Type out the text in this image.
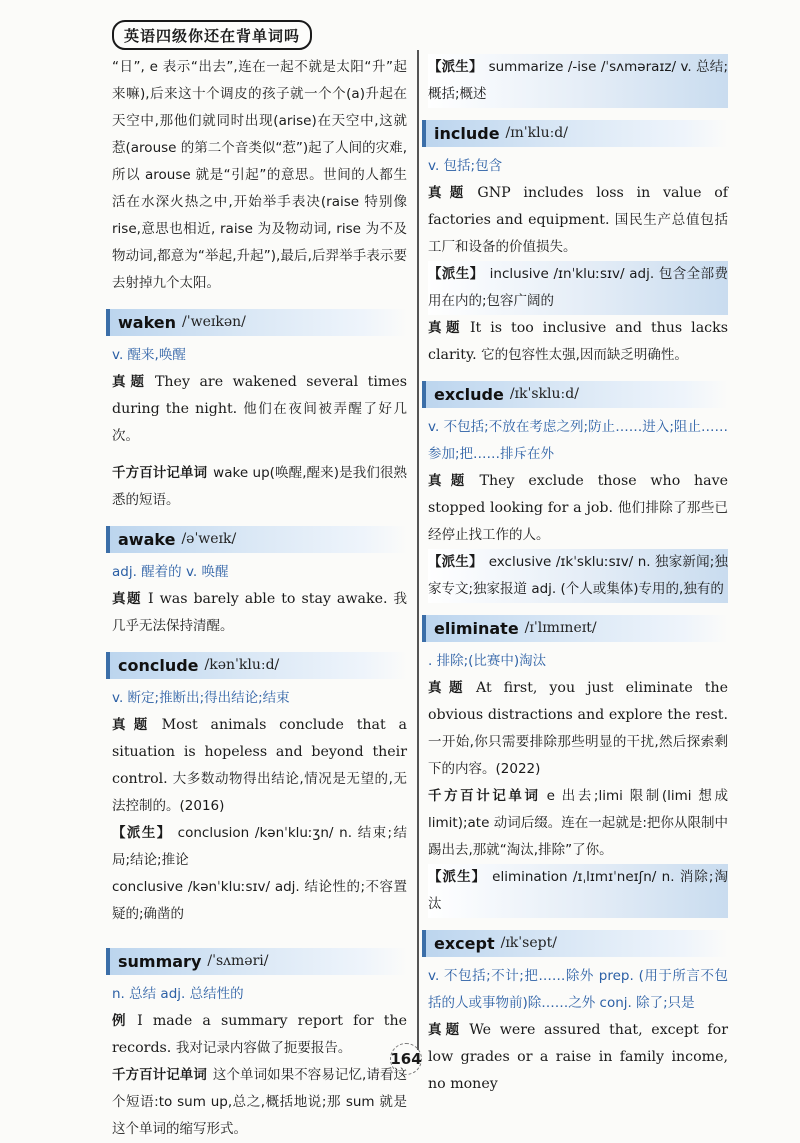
英语四级你还在背单词吗

“日”, e 表示“出去”,连在一起不就是太阳“升”起来嘛),后来这十个调皮的孩子就一个个(a)升起在天空中,那他们就同时出现(arise)在天空中,这就惹(arouse 的第二个音类似“惹”)起了人间的灾难,所以 arouse 就是“引起”的意思。世间的人都生活在水深火热之中,开始举手表决(raise 特别像 rise,意思也相近, raise 为及物动词, rise 为不及物动词,都意为“举起,升起”),最后,后羿举手表示要去射掉九个太阳。

waken /ˈweɪkən/

v. 醒来,唤醒

真题 They are wakened several times during the night. 他们在夜间被弄醒了好几次。

千方百计记单词 wake up(唤醒,醒来)是我们很熟悉的短语。

awake /əˈweɪk/

adj. 醒着的 v. 唤醒

真题 I was barely able to stay awake. 我几乎无法保持清醒。

conclude /kənˈkluːd/

v. 断定;推断出;得出结论;结束

真题 Most animals conclude that a situation is hopeless and beyond their control. 大多数动物得出结论,情况是无望的,无法控制的。(2016)

【派生】 conclusion /kənˈkluːʒn/ n. 结束;结局;结论;推论

conclusive /kənˈkluːsɪv/ adj. 结论性的;不容置疑的;确凿的

summary /ˈsʌməri/

n. 总结 adj. 总结性的

例 I made a summary report for the records. 我对记录内容做了扼要报告。

千方百计记单词 这个单词如果不容易记忆,请看这个短语:to sum up,总之,概括地说;那 sum 就是这个单词的缩写形式。

【派生】 summarize /-ise /ˈsʌməraɪz/ v. 总结;概括;概述

include /ɪnˈkluːd/

v. 包括;包含

真题 GNP includes loss in value of factories and equipment. 国民生产总值包括工厂和设备的价值损失。

【派生】 inclusive /ɪnˈkluːsɪv/ adj. 包含全部费用在内的;包容广阔的

真题 It is too inclusive and thus lacks clarity. 它的包容性太强,因而缺乏明确性。

exclude /ɪkˈskluːd/

v. 不包括;不放在考虑之列;防止……进入;阻止……参加;把……排斥在外

真题 They exclude those who have stopped looking for a job. 他们排除了那些已经停止找工作的人。

【派生】 exclusive /ɪkˈskluːsɪv/ n. 独家新闻;独家专文;独家报道 adj. (个人或集体)专用的,独有的

eliminate /ɪˈlɪmɪneɪt/

. 排除;(比赛中)淘汰

真题 At first, you just eliminate the obvious distractions and explore the rest. 一开始,你只需要排除那些明显的干扰,然后探索剩下的内容。(2022)

千方百计记单词 e 出去;limi 限制(limi 想成 limit);ate 动词后缀。连在一起就是:把你从限制中踢出去,那就“淘汰,排除”了你。

【派生】 elimination /ɪˌlɪmɪˈneɪʃn/ n. 消除;淘汰

except /ɪkˈsept/

v. 不包括;不计;把……除外 prep. (用于所言不包括的人或事物前)除……之外 conj. 除了;只是

真题 We were assured that, except for low grades or a raise in family income, no money

164
